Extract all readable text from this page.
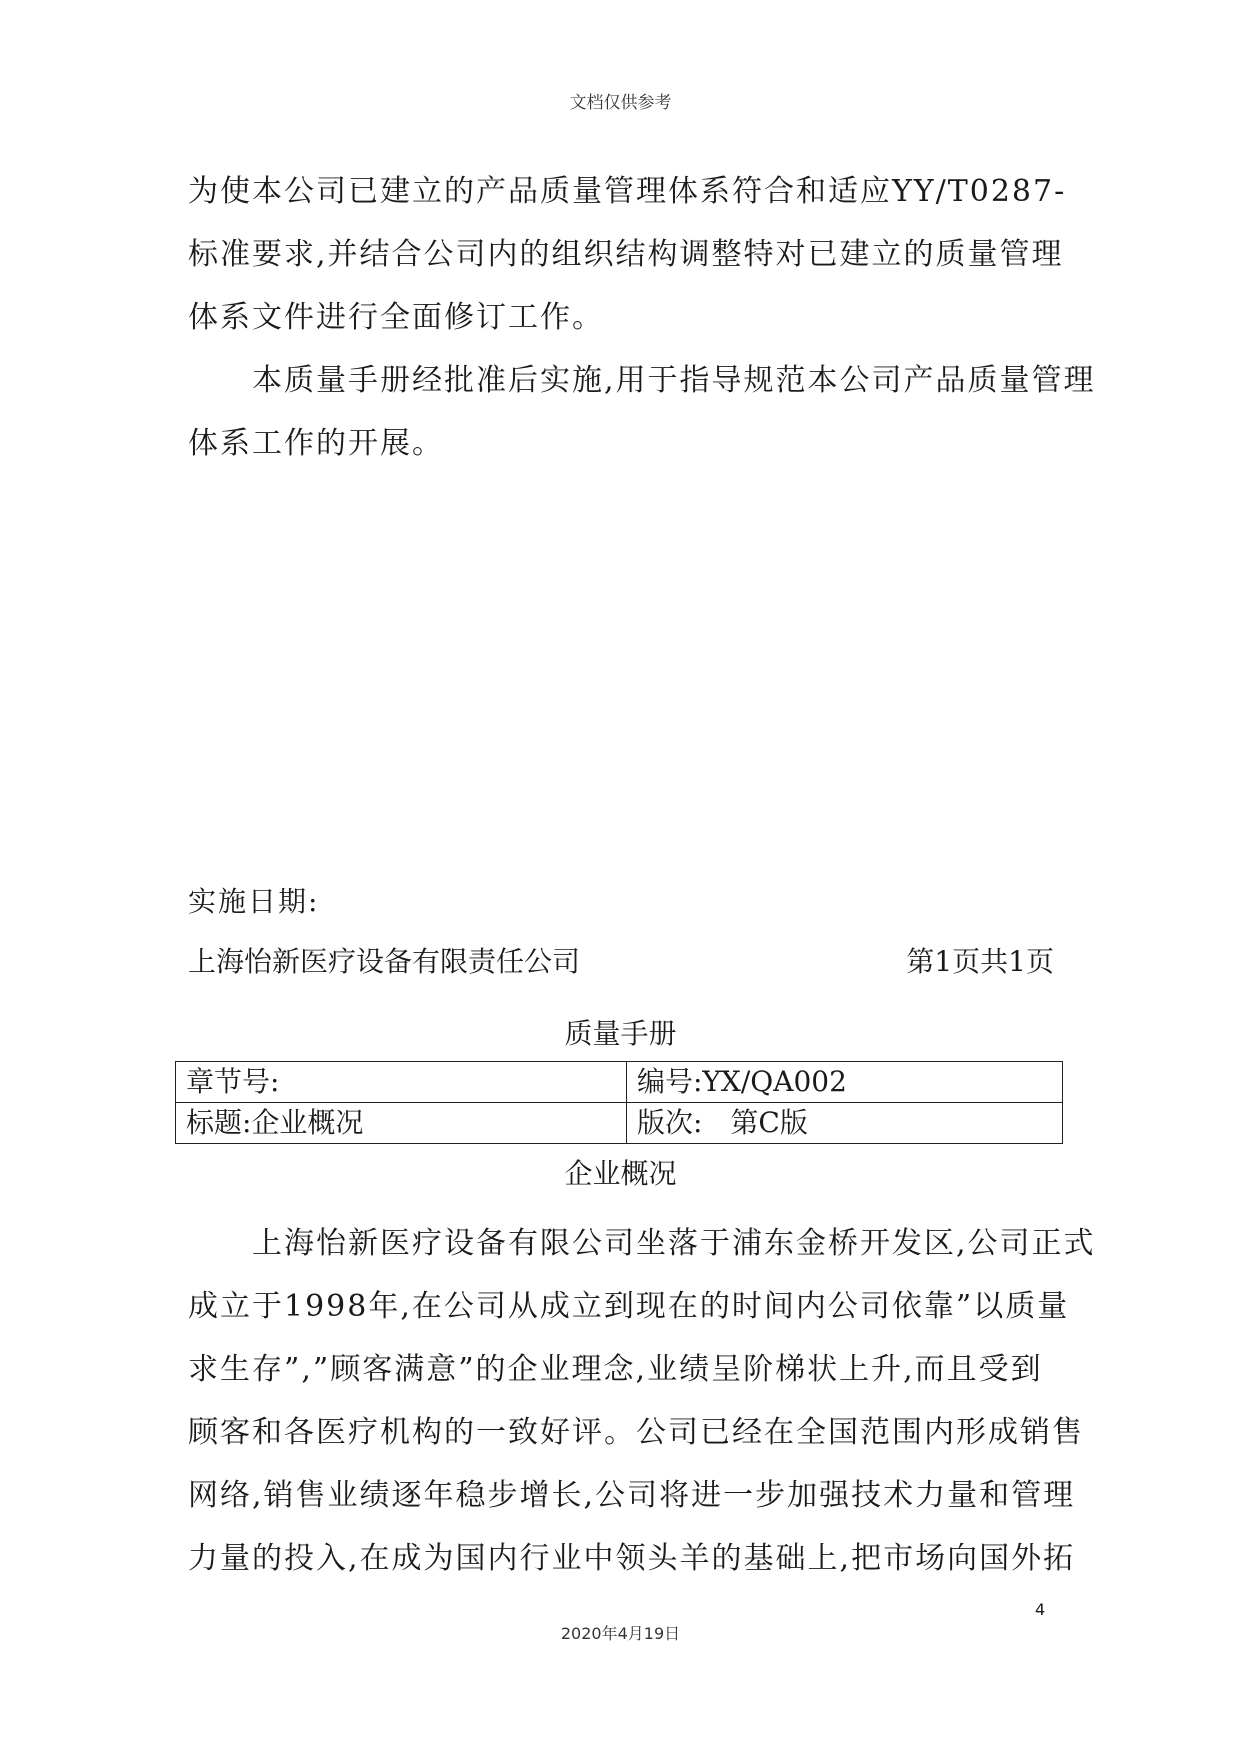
文档仅供参考
为使本公司已建立的产品质量管理体系符合和适应YY/T0287-
标准要求,并结合公司内的组织结构调整特对已建立的质量管理
体系文件进行全面修订工作。
　　本质量手册经批准后实施,用于指导规范本公司产品质量管理
体系工作的开展。
实施日期:
上海怡新医疗设备有限责任公司	第1页共1页
质量手册
章节号:	编号:YX/QA002
标题:企业概况	版次:　第C版
企业概况
　　上海怡新医疗设备有限公司坐落于浦东金桥开发区,公司正式
成立于1998年,在公司从成立到现在的时间内公司依靠”以质量
求生存”,”顾客满意”的企业理念,业绩呈阶梯状上升,而且受到
顾客和各医疗机构的一致好评。公司已经在全国范围内形成销售
网络,销售业绩逐年稳步增长,公司将进一步加强技术力量和管理
力量的投入,在成为国内行业中领头羊的基础上,把市场向国外拓
4
2020年4月19日
